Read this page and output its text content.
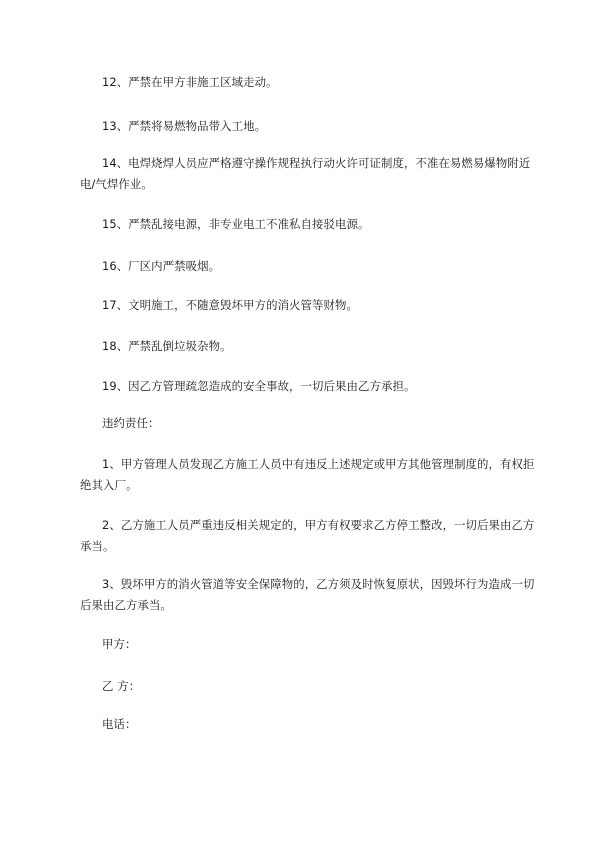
12、严禁在甲方非施工区域走动。
13、严禁将易燃物品带入工地。
14、电焊烧焊人员应严格遵守操作规程执行动火许可证制度，不准在易燃易爆物附近电/气焊作业。
15、严禁乱接电源，非专业电工不准私自接驳电源。
16、厂区内严禁吸烟。
17、文明施工，不随意毁坏甲方的消火管等财物。
18、严禁乱倒垃圾杂物。
19、因乙方管理疏忽造成的安全事故，一切后果由乙方承担。
违约责任：
1、甲方管理人员发现乙方施工人员中有违反上述规定或甲方其他管理制度的，有权拒绝其入厂。
2、乙方施工人员严重违反相关规定的，甲方有权要求乙方停工整改，一切后果由乙方承当。
3、毁坏甲方的消火管道等安全保障物的，乙方须及时恢复原状，因毁坏行为造成一切后果由乙方承当。
甲方：
乙 方：
电话：
